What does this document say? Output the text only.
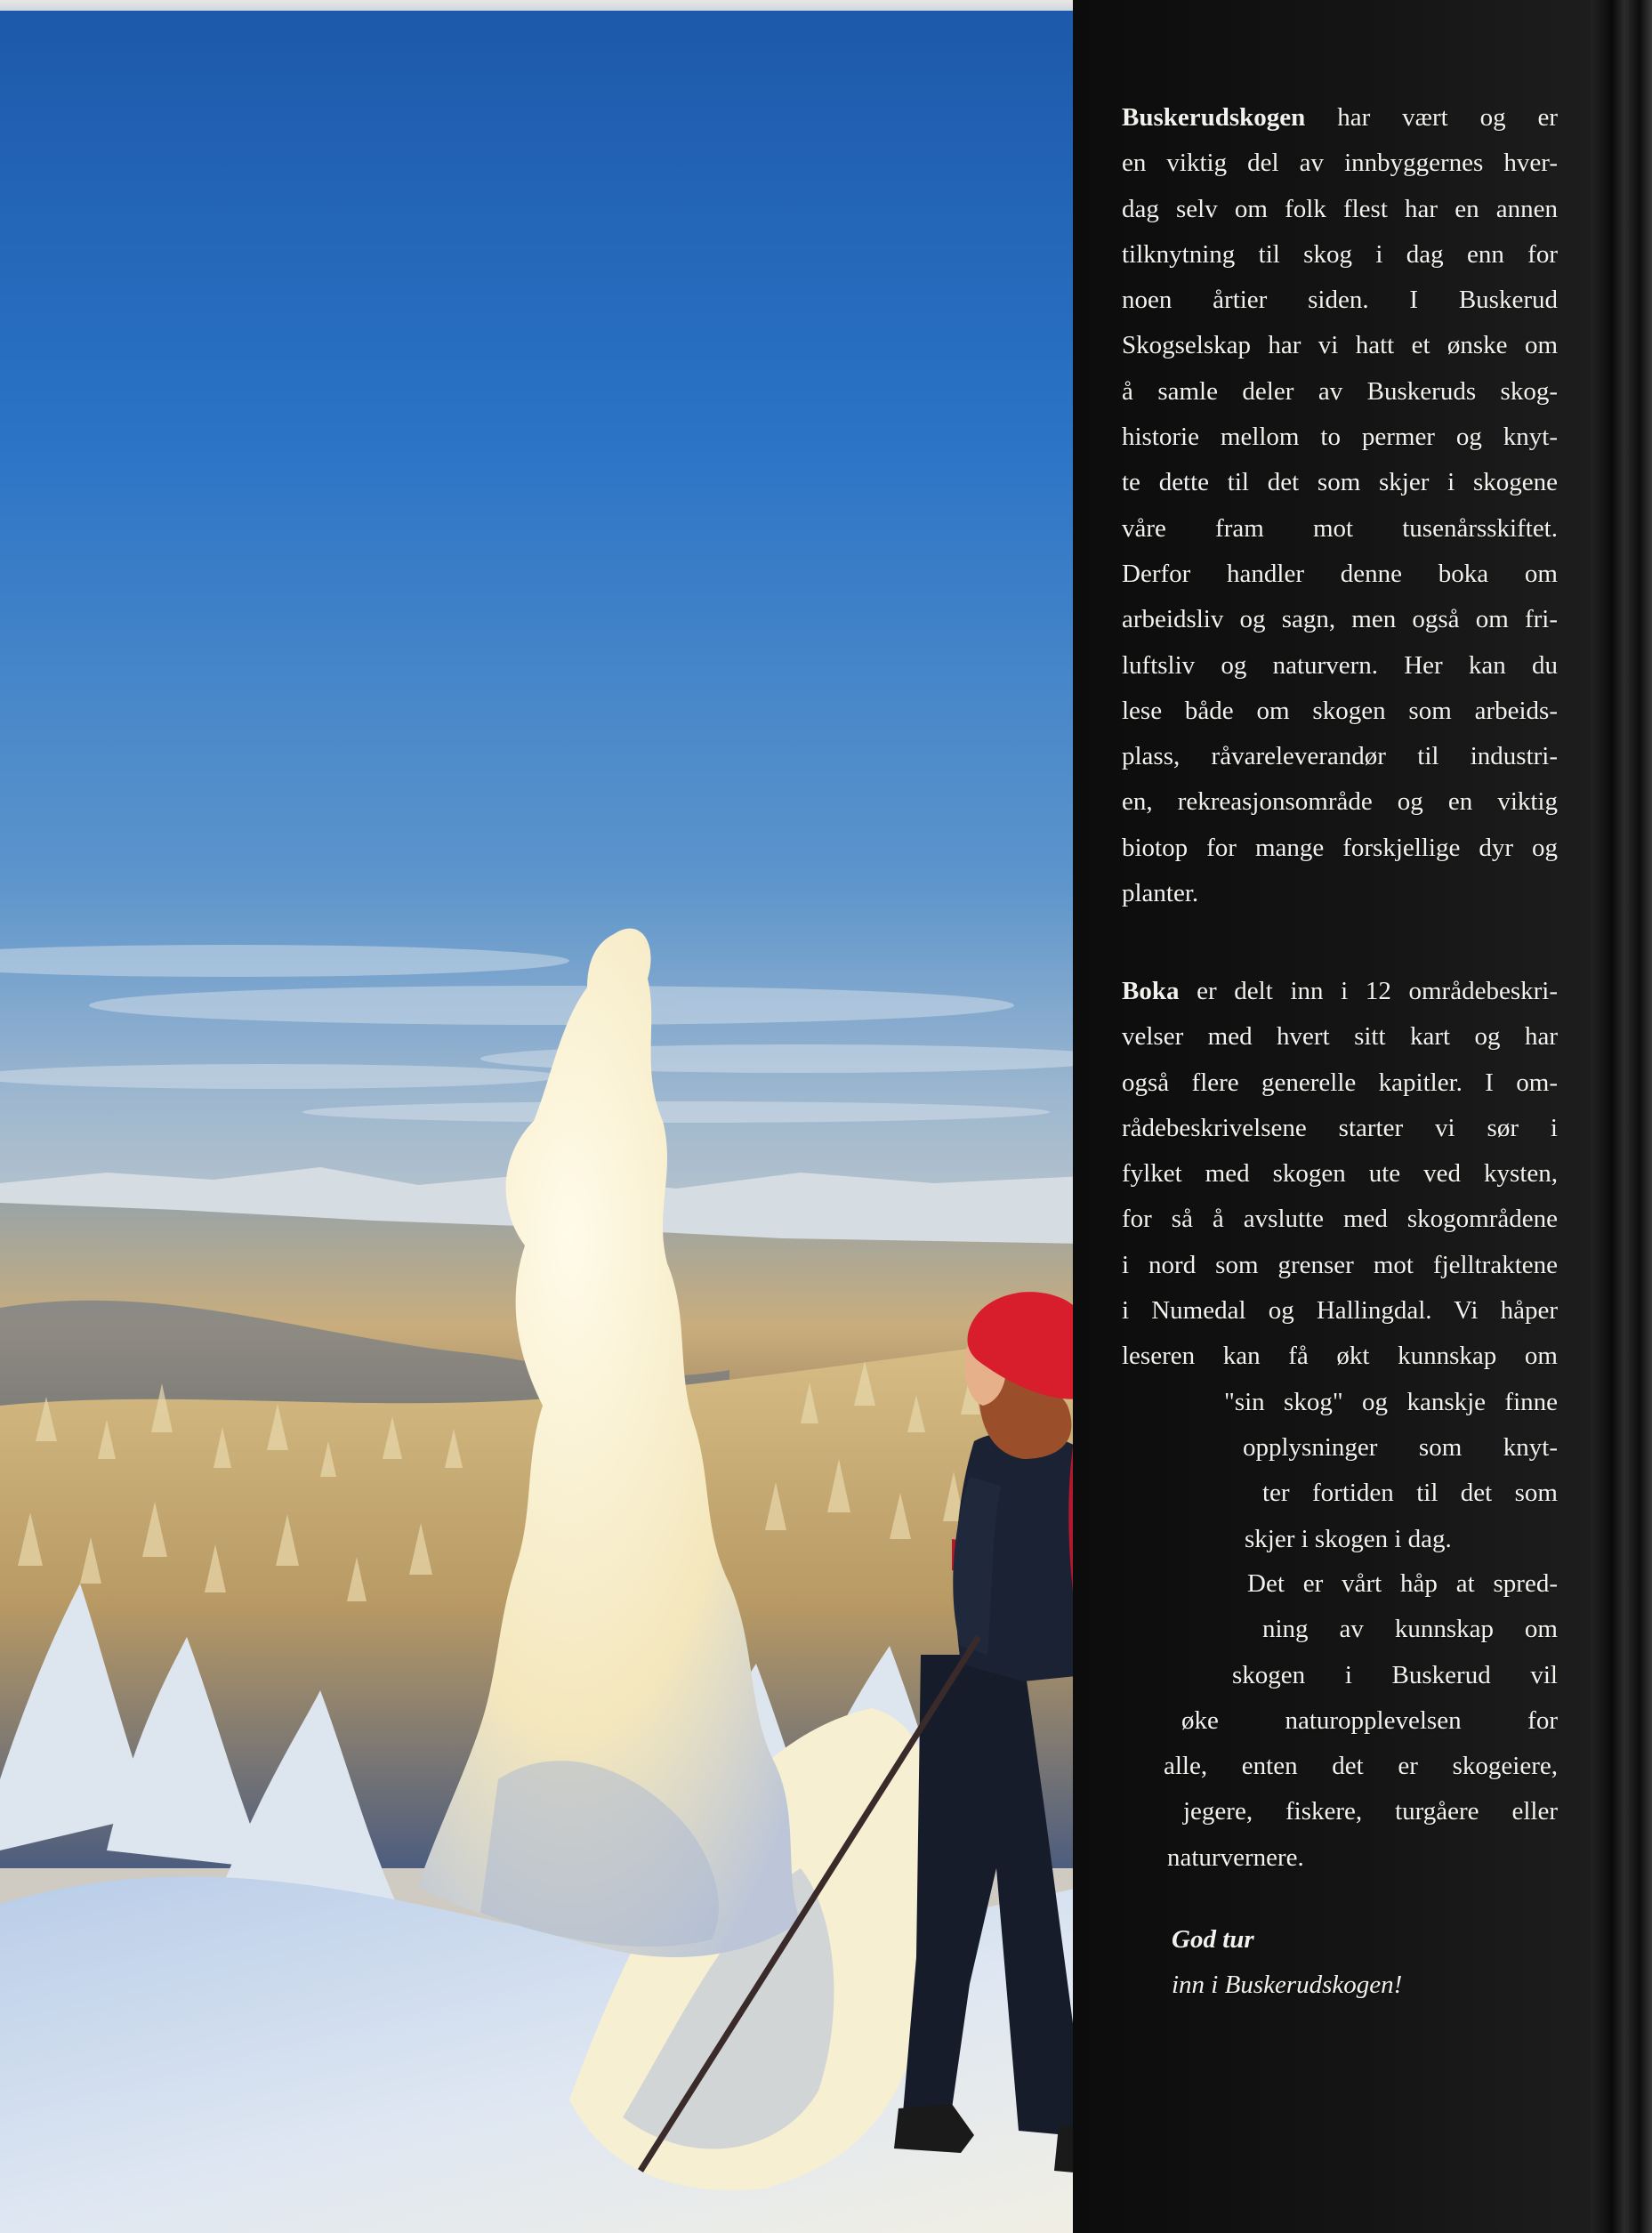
Buskerudskogen har vært og er
en viktig del av innbyggernes hver-
dag selv om folk flest har en annen
tilknytning til skog i dag enn for
noen årtier siden. I Buskerud
Skogselskap har vi hatt et ønske om
å samle deler av Buskeruds skog-
historie mellom to permer og knyt-
te dette til det som skjer i skogene
våre fram mot tusenårsskiftet.
Derfor handler denne boka om
arbeidsliv og sagn, men også om fri-
luftsliv og naturvern. Her kan du
lese både om skogen som arbeids-
plass, råvareleverandør til industri-
en, rekreasjonsområde og en viktig
biotop for mange forskjellige dyr og
planter.
Boka er delt inn i 12 områdebeskri-
velser med hvert sitt kart og har
også flere generelle kapitler. I om-
rådebeskrivelsene starter vi sør i
fylket med skogen ute ved kysten,
for så å avslutte med skogområdene
i nord som grenser mot fjelltraktene
i Numedal og Hallingdal. Vi håper
leseren kan få økt kunnskap om
"sin skog" og kanskje finne
opplysninger som knyt-
ter fortiden til det som
skjer i skogen i dag.
Det er vårt håp at spred-
ning av kunnskap om
skogen i Buskerud vil
øke naturopplevelsen for
alle, enten det er skogeiere,
jegere, fiskere, turgåere eller
naturvernere.
God tur
inn i Buskerudskogen!
